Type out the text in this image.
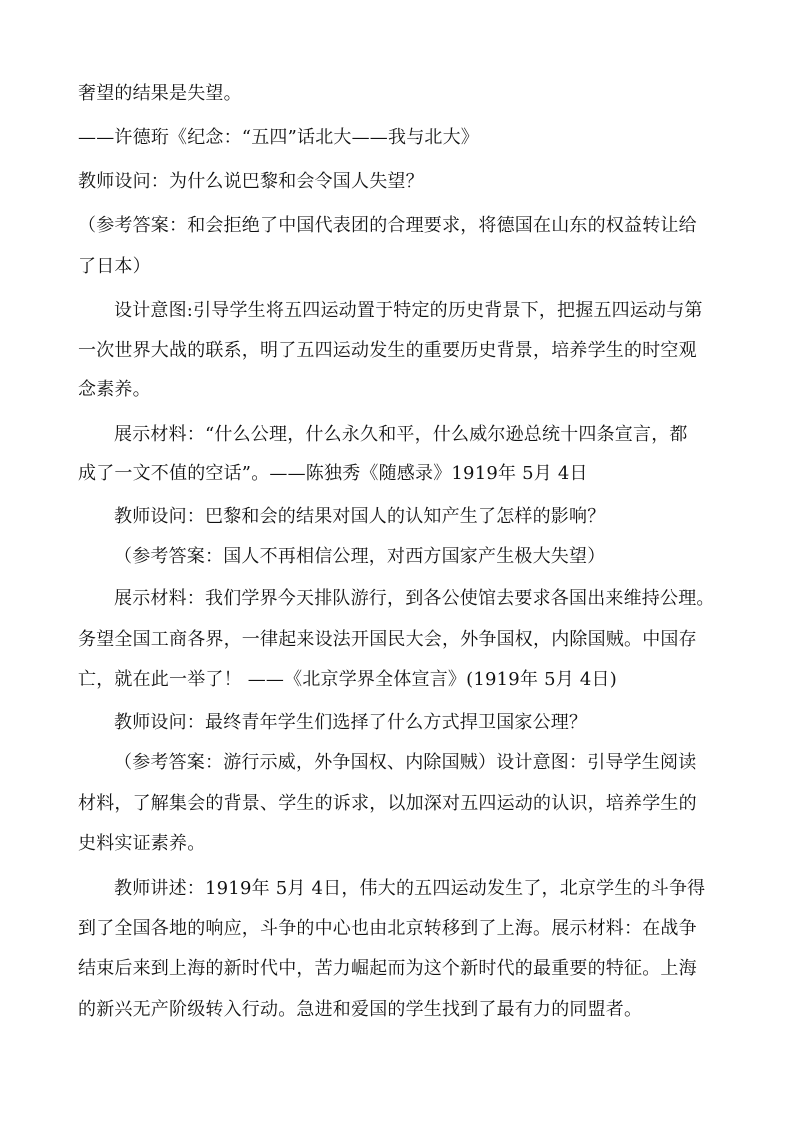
奢望的结果是失望。
——许德珩《纪念：“五四”话北大——我与北大》
教师设问：为什么说巴黎和会令国人失望？
（参考答案：和会拒绝了中国代表团的合理要求，将德国在山东的权益转让给
了日本）
设计意图:引导学生将五四运动置于特定的历史背景下，把握五四运动与第
一次世界大战的联系，明了五四运动发生的重要历史背景，培养学生的时空观
念素养。
展示材料：“什么公理，什么永久和平，什么威尔逊总统十四条宣言，都
成了一文不值的空话”。——陈独秀《随感录》1919年 5月 4日
教师设问：巴黎和会的结果对国人的认知产生了怎样的影响？
（参考答案：国人不再相信公理，对西方国家产生极大失望）
展示材料：我们学界今天排队游行，到各公使馆去要求各国出来维持公理。
务望全国工商各界，一律起来设法开国民大会，外争国权，内除国贼。中国存
亡，就在此一举了！ ——《北京学界全体宣言》(1919年 5月 4日)
教师设问：最终青年学生们选择了什么方式捍卫国家公理？
（参考答案：游行示威，外争国权、内除国贼）设计意图：引导学生阅读
材料，了解集会的背景、学生的诉求，以加深对五四运动的认识，培养学生的
史料实证素养。
教师讲述：1919年 5月 4日，伟大的五四运动发生了，北京学生的斗争得
到了全国各地的响应，斗争的中心也由北京转移到了上海。展示材料：在战争
结束后来到上海的新时代中，苦力崛起而为这个新时代的最重要的特征。上海
的新兴无产阶级转入行动。急进和爱国的学生找到了最有力的同盟者。
